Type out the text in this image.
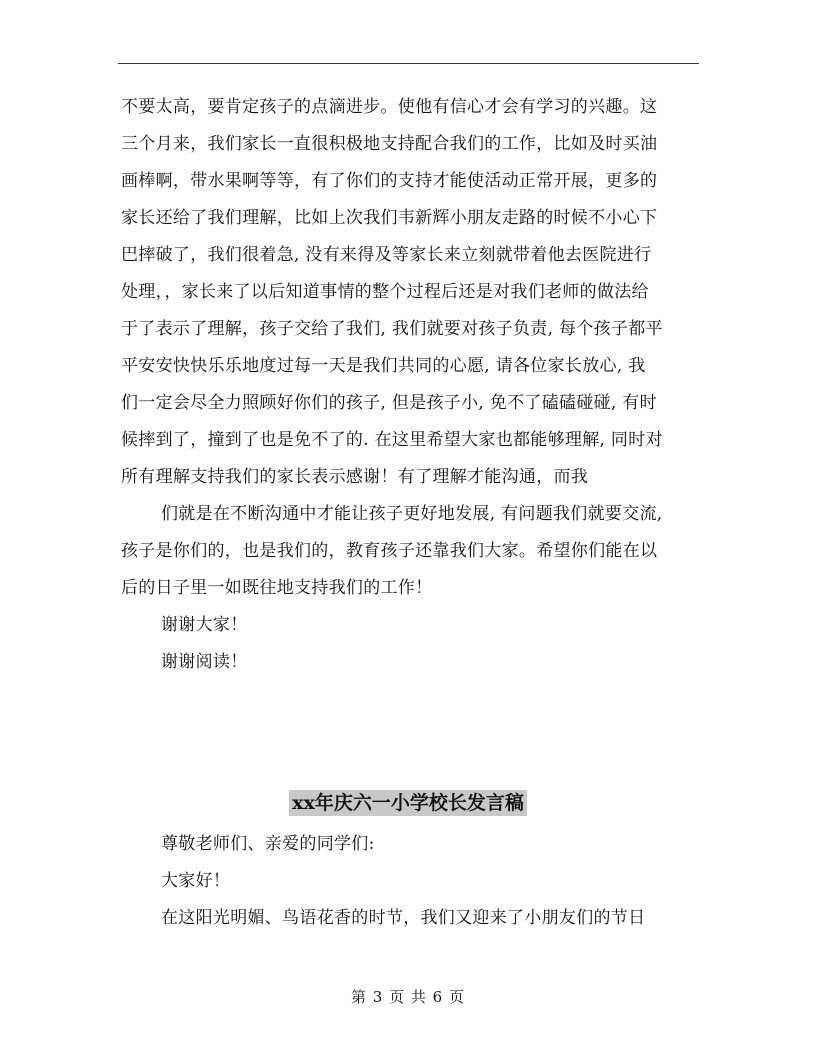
不要太高，要肯定孩子的点滴进步。使他有信心才会有学习的兴趣。这
三个月来，我们家长一直很积极地支持配合我们的工作，比如及时买油
画棒啊，带水果啊等等，有了你们的支持才能使活动正常开展，更多的
家长还给了我们理解，比如上次我们韦新辉小朋友走路的时候不小心下
巴摔破了，我们很着急, 没有来得及等家长来立刻就带着他去医院进行
处理，，家长来了以后知道事情的整个过程后还是对我们老师的做法给
于了表示了理解，孩子交给了我们, 我们就要对孩子负责, 每个孩子都平
平安安快快乐乐地度过每一天是我们共同的心愿, 请各位家长放心, 我
们一定会尽全力照顾好你们的孩子, 但是孩子小, 免不了磕磕碰碰, 有时
候摔到了，撞到了也是免不了的. 在这里希望大家也都能够理解, 同时对
所有理解支持我们的家长表示感谢！有了理解才能沟通，而我
们就是在不断沟通中才能让孩子更好地发展, 有问题我们就要交流,
孩子是你们的，也是我们的，教育孩子还靠我们大家。希望你们能在以
后的日子里一如既往地支持我们的工作！
谢谢大家！
谢谢阅读！
xx年庆六一小学校长发言稿
尊敬老师们、亲爱的同学们:
大家好！
在这阳光明媚、鸟语花香的时节，我们又迎来了小朋友们的节日
第 3 页 共 6 页
